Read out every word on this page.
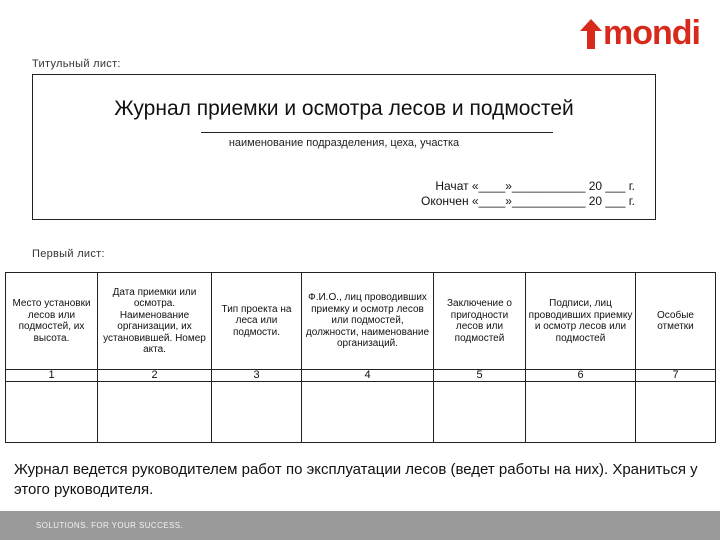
mondi
Титульный лист:
Журнал приемки и осмотра лесов и подмостей
наименование подразделения, цеха, участка
Начат «____»___________ 20 ___ г.
Окончен «____»___________ 20 ___ г.
Первый лист:
Место установки лесов или подмостей, их высота.	Дата приемки или осмотра. Наименование организации, их установившей. Номер акта.	Тип проекта на леса или подмости.	Ф.И.О., лиц проводивших приемку и осмотр лесов или подмостей, должности, наименование организаций.	Заключение о пригодности лесов или подмостей	Подписи, лиц проводивших приемку и осмотр лесов или подмостей	Особые отметки
1	2	3	4	5	6	7

Журнал ведется руководителем работ по эксплуатации лесов (ведет работы на них). Храниться у этого руководителя.
SOLUTIONS. FOR YOUR SUCCESS.
